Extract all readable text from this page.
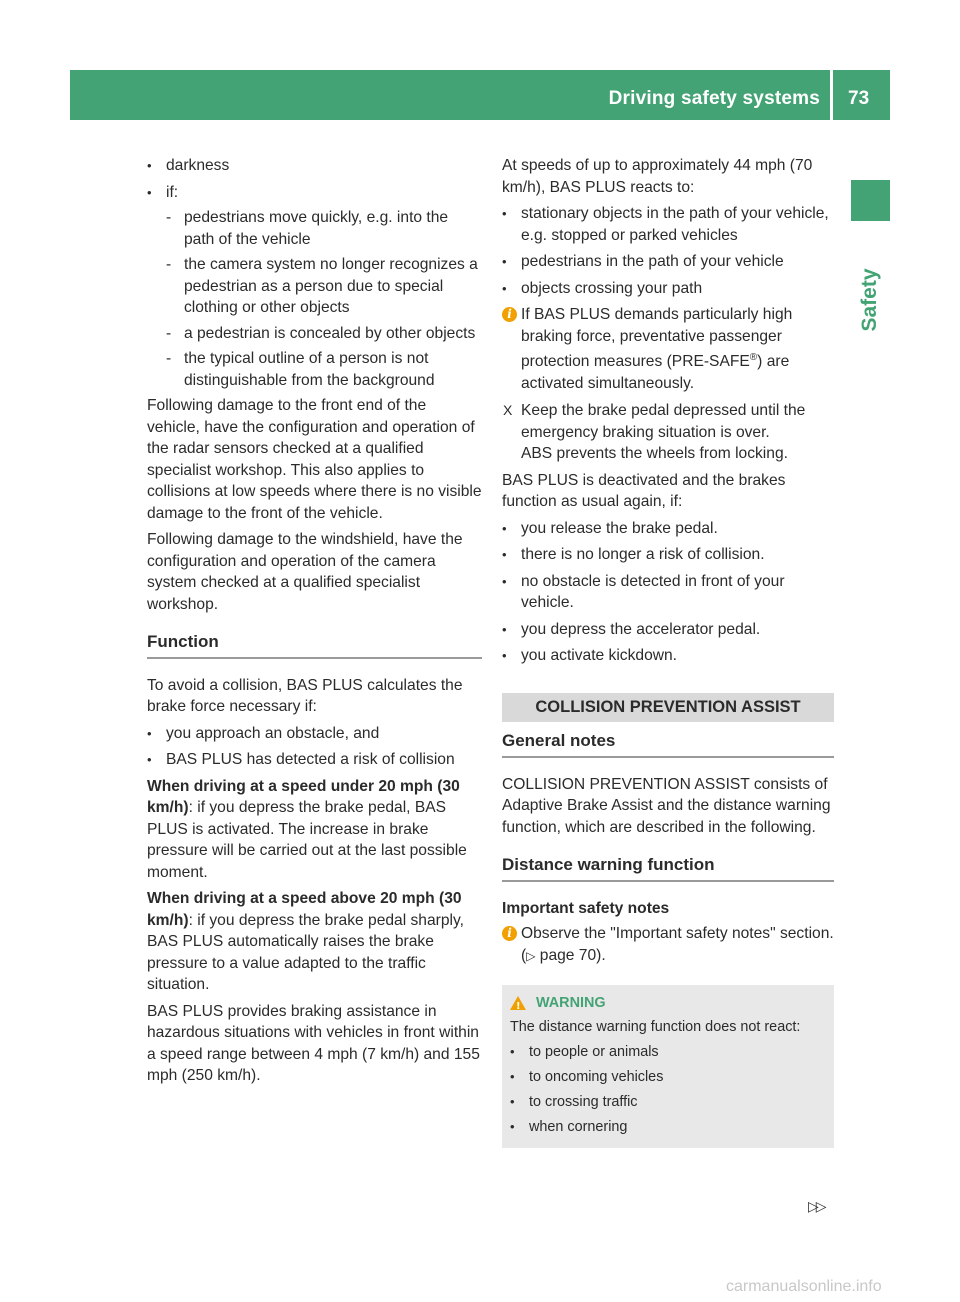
Driving safety systems 73
Safety
• darkness
• if:
- pedestrians move quickly, e.g. into the path of the vehicle
- the camera system no longer recognizes a pedestrian as a person due to special clothing or other objects
- a pedestrian is concealed by other objects
- the typical outline of a person is not distinguishable from the background

Following damage to the front end of the vehicle, have the configuration and operation of the radar sensors checked at a qualified specialist workshop. This also applies to collisions at low speeds where there is no visible damage to the front of the vehicle.

Following damage to the windshield, have the configuration and operation of the camera system checked at a qualified specialist workshop.

Function

To avoid a collision, BAS PLUS calculates the brake force necessary if:

• you approach an obstacle, and
• BAS PLUS has detected a risk of collision

When driving at a speed under 20 mph (30 km/h): if you depress the brake pedal, BAS PLUS is activated. The increase in brake pressure will be carried out at the last possible moment.

When driving at a speed above 20 mph (30 km/h): if you depress the brake pedal sharply, BAS PLUS automatically raises the brake pressure to a value adapted to the traffic situation.

BAS PLUS provides braking assistance in hazardous situations with vehicles in front within a speed range between 4 mph (7 km/h) and 155 mph (250 km/h).

At speeds of up to approximately 44 mph (70 km/h), BAS PLUS reacts to:

• stationary objects in the path of your vehicle, e.g. stopped or parked vehicles
• pedestrians in the path of your vehicle
• objects crossing your path
i If BAS PLUS demands particularly high braking force, preventative passenger protection measures (PRE-SAFE®) are activated simultaneously.
X Keep the brake pedal depressed until the emergency braking situation is over.
ABS prevents the wheels from locking.

BAS PLUS is deactivated and the brakes function as usual again, if:

• you release the brake pedal.
• there is no longer a risk of collision.
• no obstacle is detected in front of your vehicle.
• you depress the accelerator pedal.
• you activate kickdown.
COLLISION PREVENTION ASSIST
General notes

COLLISION PREVENTION ASSIST consists of Adaptive Brake Assist and the distance warning function, which are described in the following.

Distance warning function
Important safety notes
i Observe the "Important safety notes" section. (▷ page 70).
!
WARNING

The distance warning function does not react:

• to people or animals
• to oncoming vehicles
• to crossing traffic
• when cornering
▷▷
carmanualsonline.info
